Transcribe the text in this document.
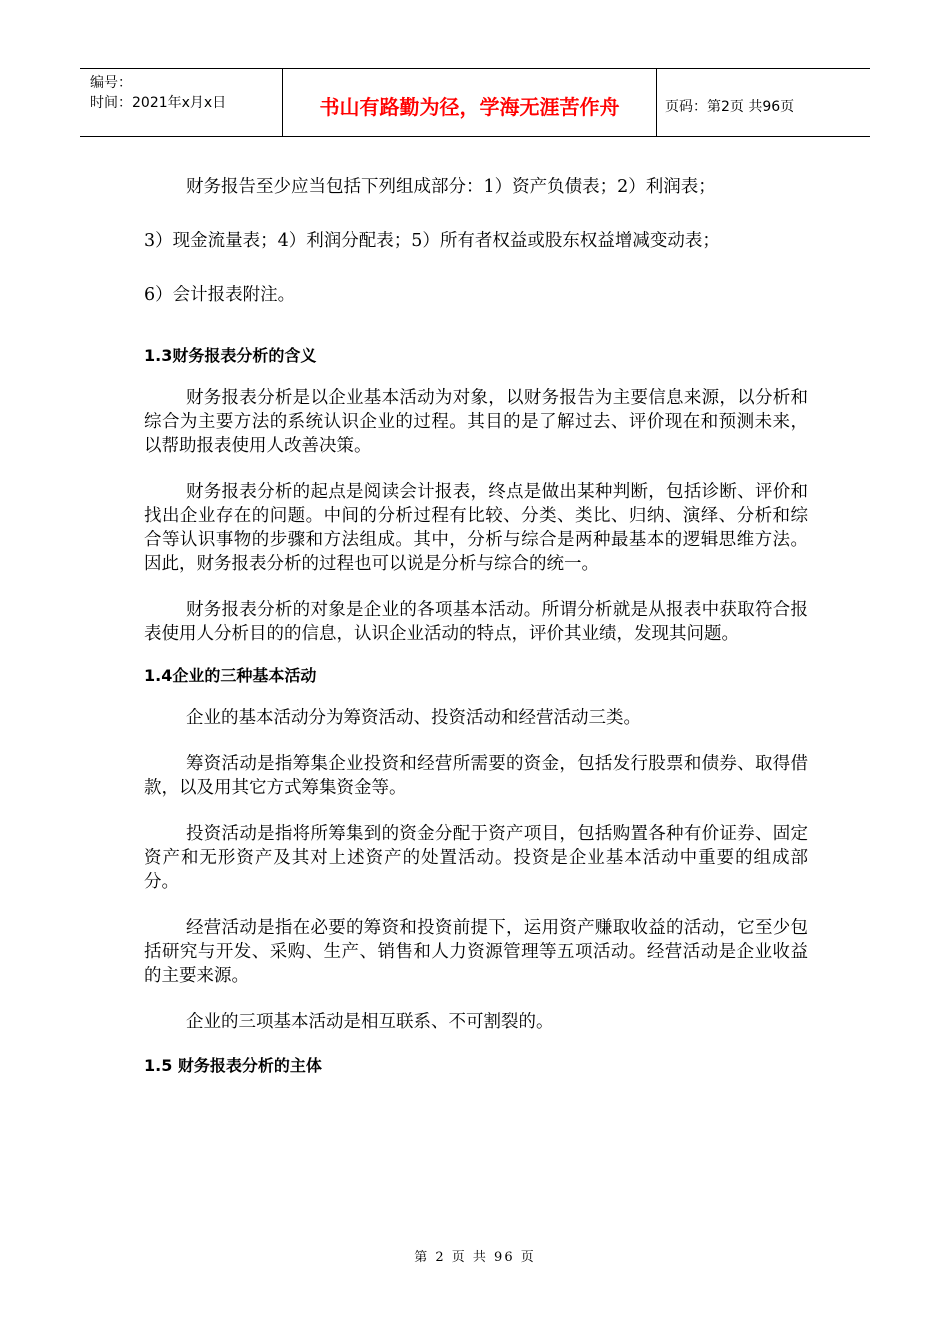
编号：
时间：2021年x月x日	书山有路勤为径，学海无涯苦作舟	页码：第2页 共96页

财务报告至少应当包括下列组成部分：1）资产负债表；2）利润表；

3）现金流量表；4）利润分配表；5）所有者权益或股东权益增减变动表；

6）会计报表附注。

1.3财务报表分析的含义

财务报表分析是以企业基本活动为对象，以财务报告为主要信息来源，以分析和综合为主要方法的系统认识企业的过程。其目的是了解过去、评价现在和预测未来，以帮助报表使用人改善决策。

财务报表分析的起点是阅读会计报表，终点是做出某种判断，包括诊断、评价和找出企业存在的问题。中间的分析过程有比较、分类、类比、归纳、演绎、分析和综合等认识事物的步骤和方法组成。其中，分析与综合是两种最基本的逻辑思维方法。因此，财务报表分析的过程也可以说是分析与综合的统一。

财务报表分析的对象是企业的各项基本活动。所谓分析就是从报表中获取符合报表使用人分析目的的信息，认识企业活动的特点，评价其业绩，发现其问题。

1.4企业的三种基本活动

企业的基本活动分为筹资活动、投资活动和经营活动三类。

筹资活动是指筹集企业投资和经营所需要的资金，包括发行股票和债券、取得借款，以及用其它方式筹集资金等。

投资活动是指将所筹集到的资金分配于资产项目，包括购置各种有价证券、固定资产和无形资产及其对上述资产的处置活动。投资是企业基本活动中重要的组成部分。

经营活动是指在必要的筹资和投资前提下，运用资产赚取收益的活动，它至少包括研究与开发、采购、生产、销售和人力资源管理等五项活动。经营活动是企业收益的主要来源。

企业的三项基本活动是相互联系、不可割裂的。

1.5 财务报表分析的主体
第 2 页 共 96 页
